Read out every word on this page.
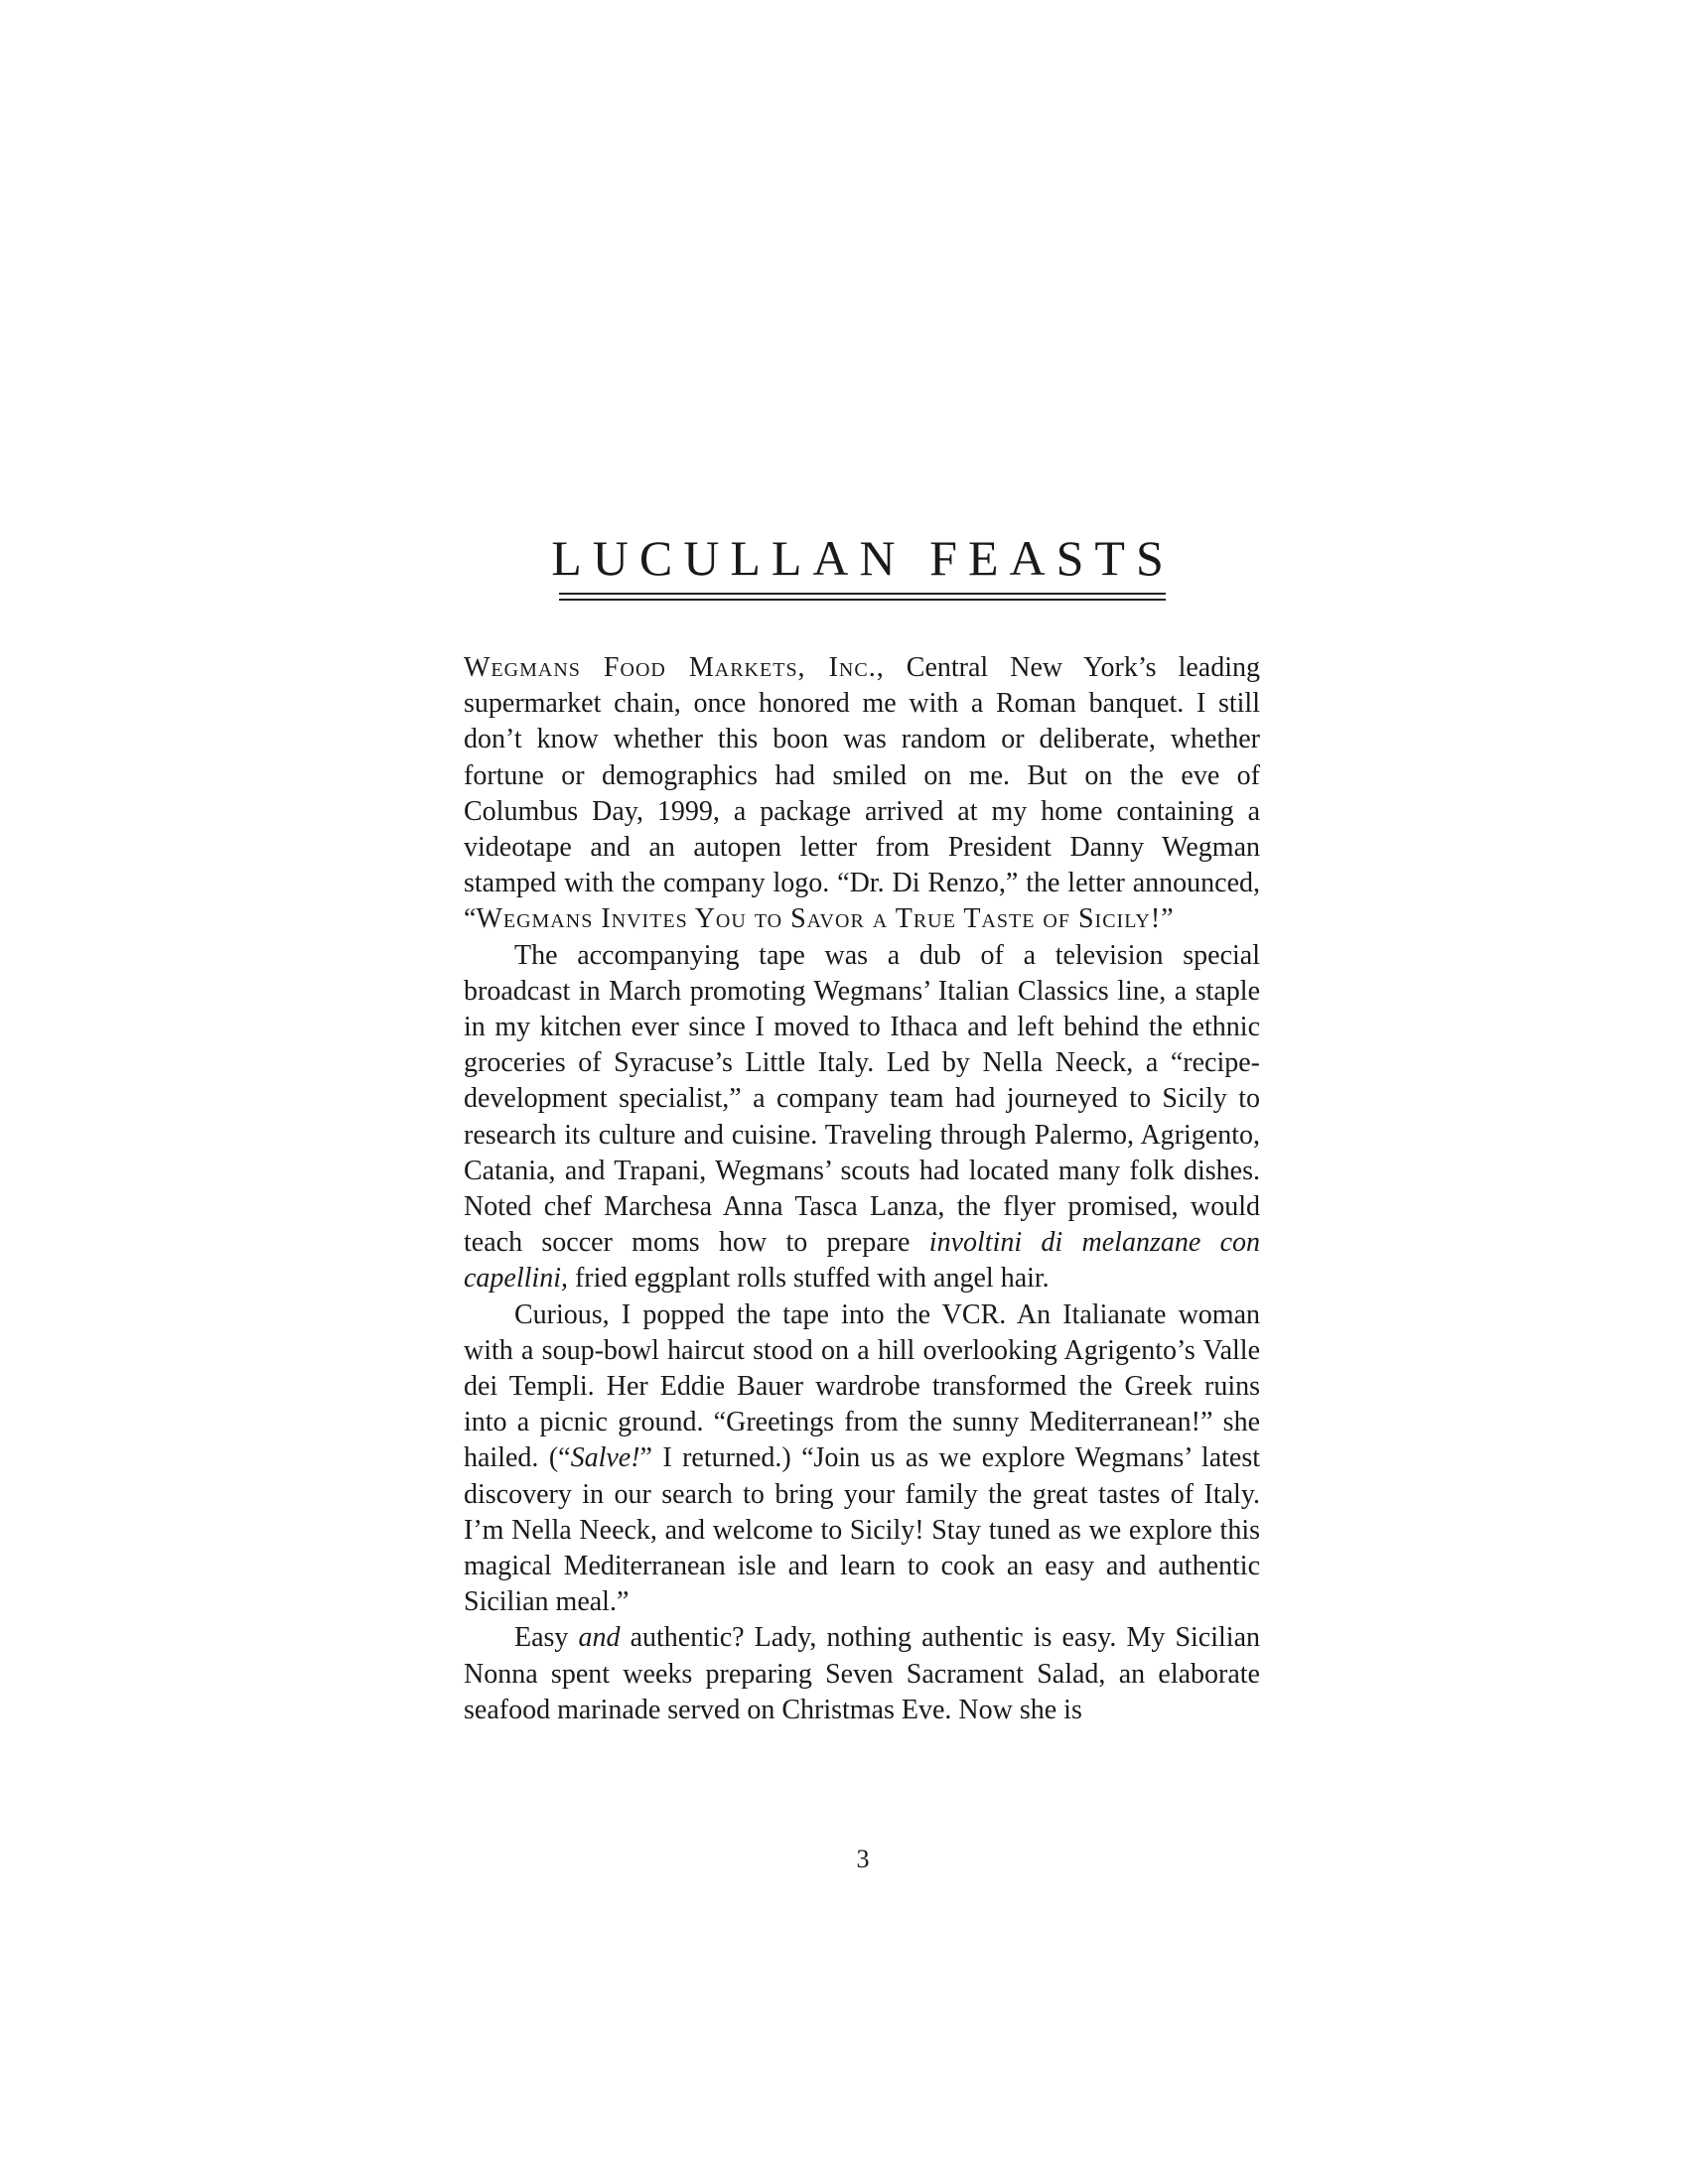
LUCULLAN FEASTS

Wegmans Food Markets, Inc., Central New York’s leading supermarket chain, once honored me with a Roman banquet. I still don’t know whether this boon was random or deliberate, whether fortune or demographics had smiled on me. But on the eve of Columbus Day, 1999, a package arrived at my home containing a videotape and an autopen letter from President Danny Wegman stamped with the company logo. “Dr. Di Renzo,” the letter announced, “Wegmans Invites You to Savor a True Taste of Sicily!”

The accompanying tape was a dub of a television special broadcast in March promoting Wegmans’ Italian Classics line, a staple in my kitchen ever since I moved to Ithaca and left behind the ethnic groceries of Syracuse’s Little Italy. Led by Nella Neeck, a “recipe-development specialist,” a company team had journeyed to Sicily to research its culture and cuisine. Traveling through Palermo, Agrigento, Catania, and Trapani, Wegmans’ scouts had located many folk dishes. Noted chef Marchesa Anna Tasca Lanza, the flyer promised, would teach soccer moms how to prepare involtini di melanzane con capellini, fried eggplant rolls stuffed with angel hair.

Curious, I popped the tape into the VCR. An Italianate woman with a soup-bowl haircut stood on a hill overlooking Agrigento’s Valle dei Templi. Her Eddie Bauer wardrobe transformed the Greek ruins into a picnic ground. “Greetings from the sunny Mediterranean!” she hailed. (“Salve!” I returned.) “Join us as we explore Wegmans’ latest discovery in our search to bring your family the great tastes of Italy. I’m Nella Neeck, and welcome to Sicily! Stay tuned as we explore this magical Mediterranean isle and learn to cook an easy and authentic Sicilian meal.”

Easy and authentic? Lady, nothing authentic is easy. My Sicilian Nonna spent weeks preparing Seven Sacrament Salad, an elaborate seafood marinade served on Christmas Eve. Now she is

3
